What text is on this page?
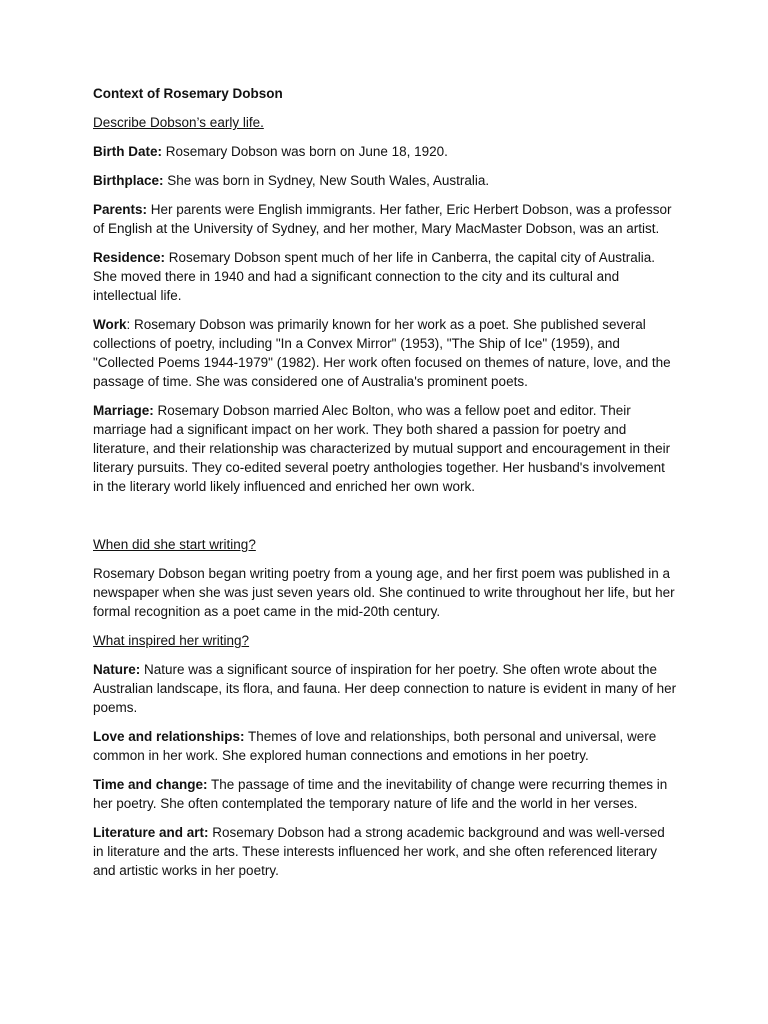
Context of Rosemary Dobson

Describe Dobson’s early life.

Birth Date: Rosemary Dobson was born on June 18, 1920.

Birthplace: She was born in Sydney, New South Wales, Australia.

Parents: Her parents were English immigrants. Her father, Eric Herbert Dobson, was a professor of English at the University of Sydney, and her mother, Mary MacMaster Dobson, was an artist.

Residence: Rosemary Dobson spent much of her life in Canberra, the capital city of Australia. She moved there in 1940 and had a significant connection to the city and its cultural and intellectual life.

Work: Rosemary Dobson was primarily known for her work as a poet. She published several collections of poetry, including "In a Convex Mirror" (1953), "The Ship of Ice" (1959), and "Collected Poems 1944-1979" (1982). Her work often focused on themes of nature, love, and the passage of time. She was considered one of Australia's prominent poets.

Marriage: Rosemary Dobson married Alec Bolton, who was a fellow poet and editor. Their marriage had a significant impact on her work. They both shared a passion for poetry and literature, and their relationship was characterized by mutual support and encouragement in their literary pursuits. They co-edited several poetry anthologies together. Her husband's involvement in the literary world likely influenced and enriched her own work.

When did she start writing?

Rosemary Dobson began writing poetry from a young age, and her first poem was published in a newspaper when she was just seven years old. She continued to write throughout her life, but her formal recognition as a poet came in the mid-20th century.

What inspired her writing?

Nature: Nature was a significant source of inspiration for her poetry. She often wrote about the Australian landscape, its flora, and fauna. Her deep connection to nature is evident in many of her poems.

Love and relationships: Themes of love and relationships, both personal and universal, were common in her work. She explored human connections and emotions in her poetry.

Time and change: The passage of time and the inevitability of change were recurring themes in her poetry. She often contemplated the temporary nature of life and the world in her verses.

Literature and art: Rosemary Dobson had a strong academic background and was well-versed in literature and the arts. These interests influenced her work, and she often referenced literary and artistic works in her poetry.
